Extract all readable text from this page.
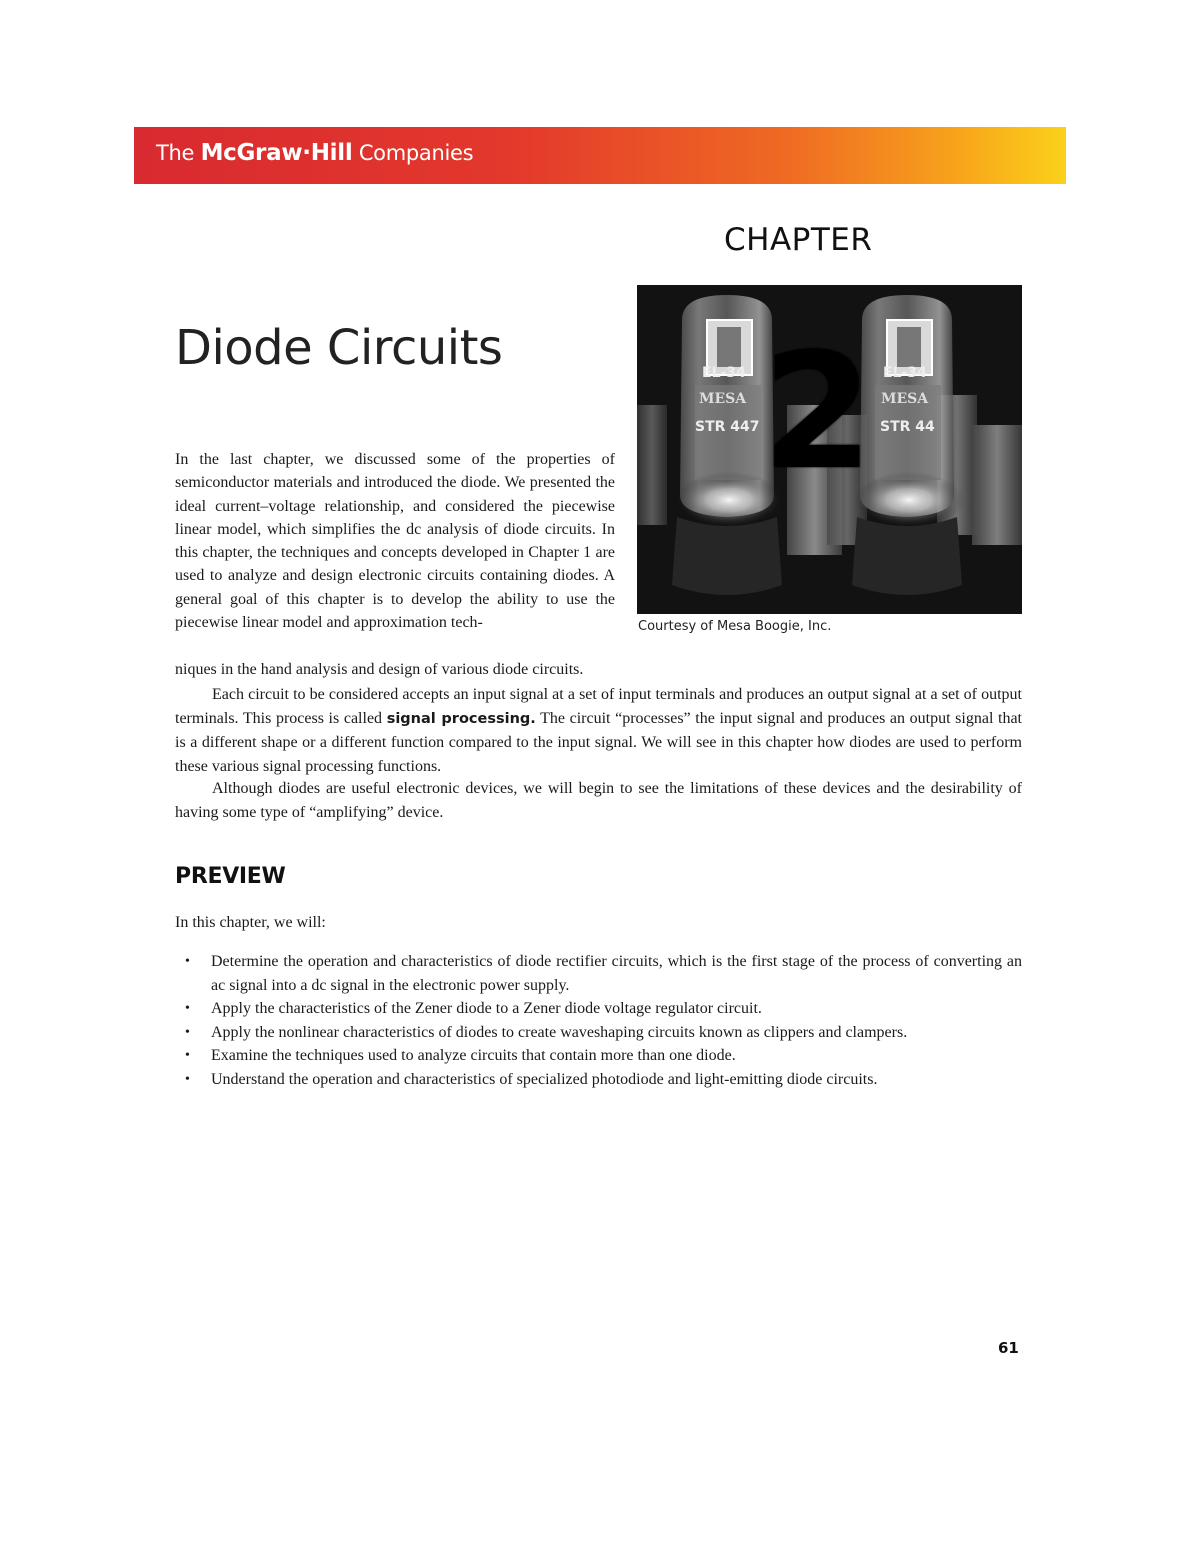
The McGraw·Hill Companies
CHAPTER
Diode Circuits	EL-34
MESA
STR 447
EL-34
MESA
STR 44
2
Courtesy of Mesa Boogie, Inc.
In the last chapter, we discussed some of the properties of semiconductor materials and introduced the diode. We presented the ideal current–voltage relationship, and considered the piecewise linear model, which simplifies the dc analysis of diode circuits. In this chapter, the techniques and concepts developed in Chapter 1 are used to analyze and design electronic circuits containing diodes. A general goal of this chapter is to develop the ability to use the piecewise linear model and approximation tech-
niques in the hand analysis and design of various diode circuits.

Each circuit to be considered accepts an input signal at a set of input terminals and produces an output signal at a set of output terminals. This process is called signal processing. The circuit “processes” the input signal and produces an output signal that is a different shape or a different function compared to the input signal. We will see in this chapter how diodes are used to perform these various signal processing functions.

Although diodes are useful electronic devices, we will begin to see the limitations of these devices and the desirability of having some type of “amplifying” device.

PREVIEW
In this chapter, we will:
• Determine the operation and characteristics of diode rectifier circuits, which is the first stage of the process of converting an ac signal into a dc signal in the electronic power supply.
• Apply the characteristics of the Zener diode to a Zener diode voltage regulator circuit.
• Apply the nonlinear characteristics of diodes to create waveshaping circuits known as clippers and clampers.
• Examine the techniques used to analyze circuits that contain more than one diode.
• Understand the operation and characteristics of specialized photodiode and light-emitting diode circuits.
61
